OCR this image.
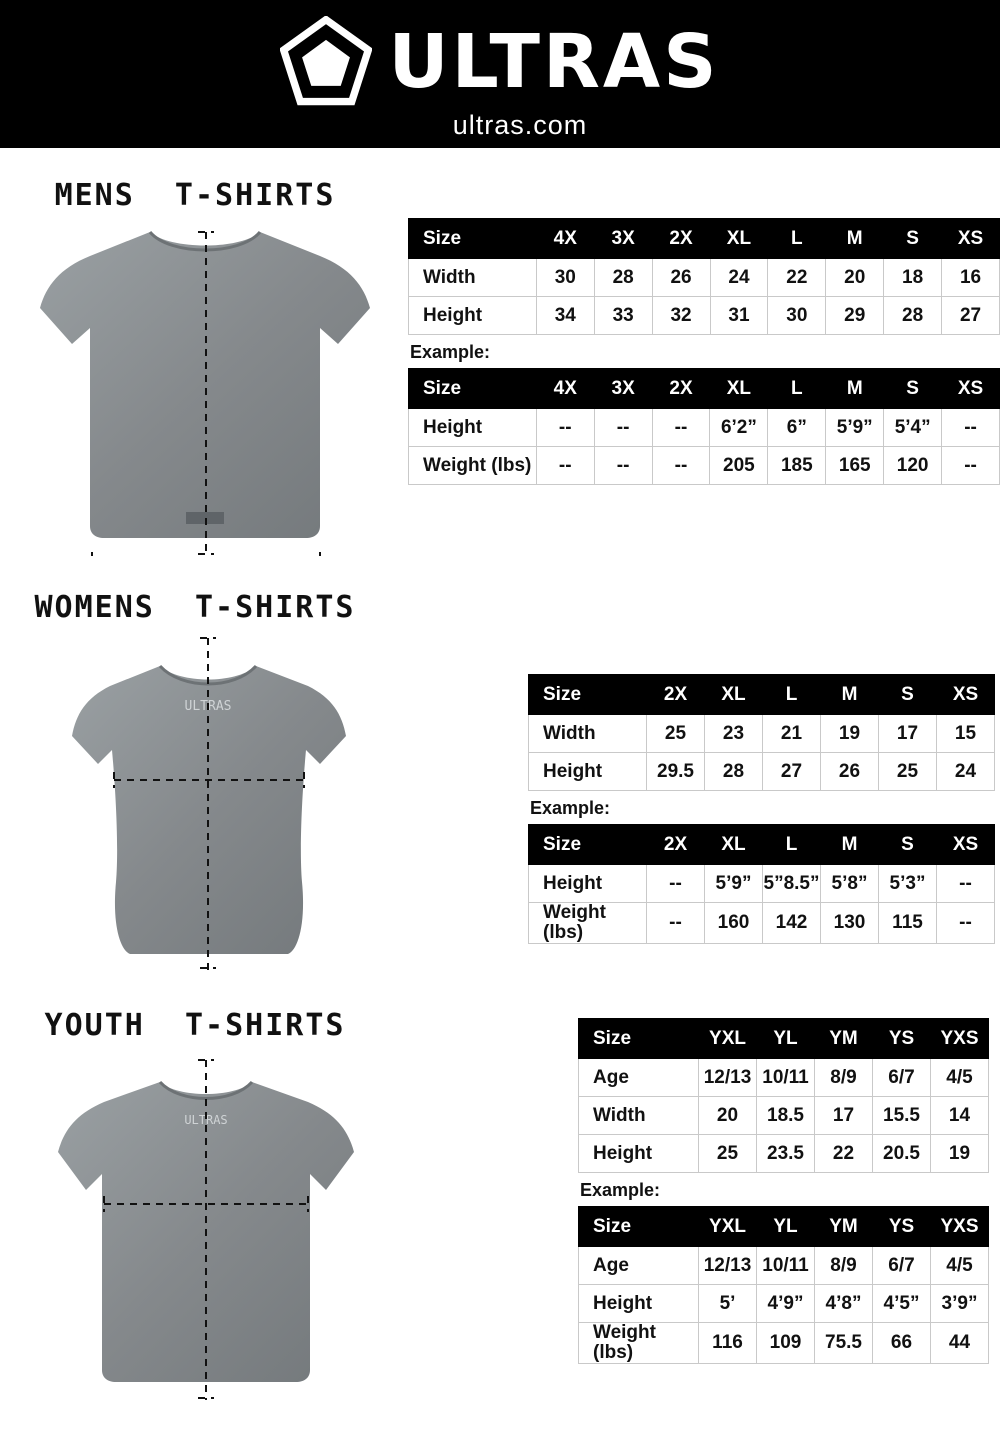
ULTRAS
ultras.com
MENS  T-SHIRTS
Size	4X	3X	2X	XL	L	M	S	XS
Width	30	28	26	24	22	20	18	16
Height	34	33	32	31	30	29	28	27
Example:
Size	4X	3X	2X	XL	L	M	S	XS
Height	--	--	--	6’2”	6”	5’9”	5’4”	--
Weight (lbs)	--	--	--	205	185	165	120	--
WOMENS  T-SHIRTS
ULTRAS
Size	2X	XL	L	M	S	XS
Width	25	23	21	19	17	15
Height	29.5	28	27	26	25	24
Example:
Size	2X	XL	L	M	S	XS
Height	--	5’9”	5”8.5”	5’8”	5’3”	--
Weight (lbs)	--	160	142	130	115	--
YOUTH  T-SHIRTS
ULTRAS
Size	YXL	YL	YM	YS	YXS
Age	12/13	10/11	8/9	6/7	4/5
Width	20	18.5	17	15.5	14
Height	25	23.5	22	20.5	19
Example:
Size	YXL	YL	YM	YS	YXS
Age	12/13	10/11	8/9	6/7	4/5
Height	5’	4’9”	4’8”	4’5”	3’9”
Weight (lbs)	116	109	75.5	66	44
